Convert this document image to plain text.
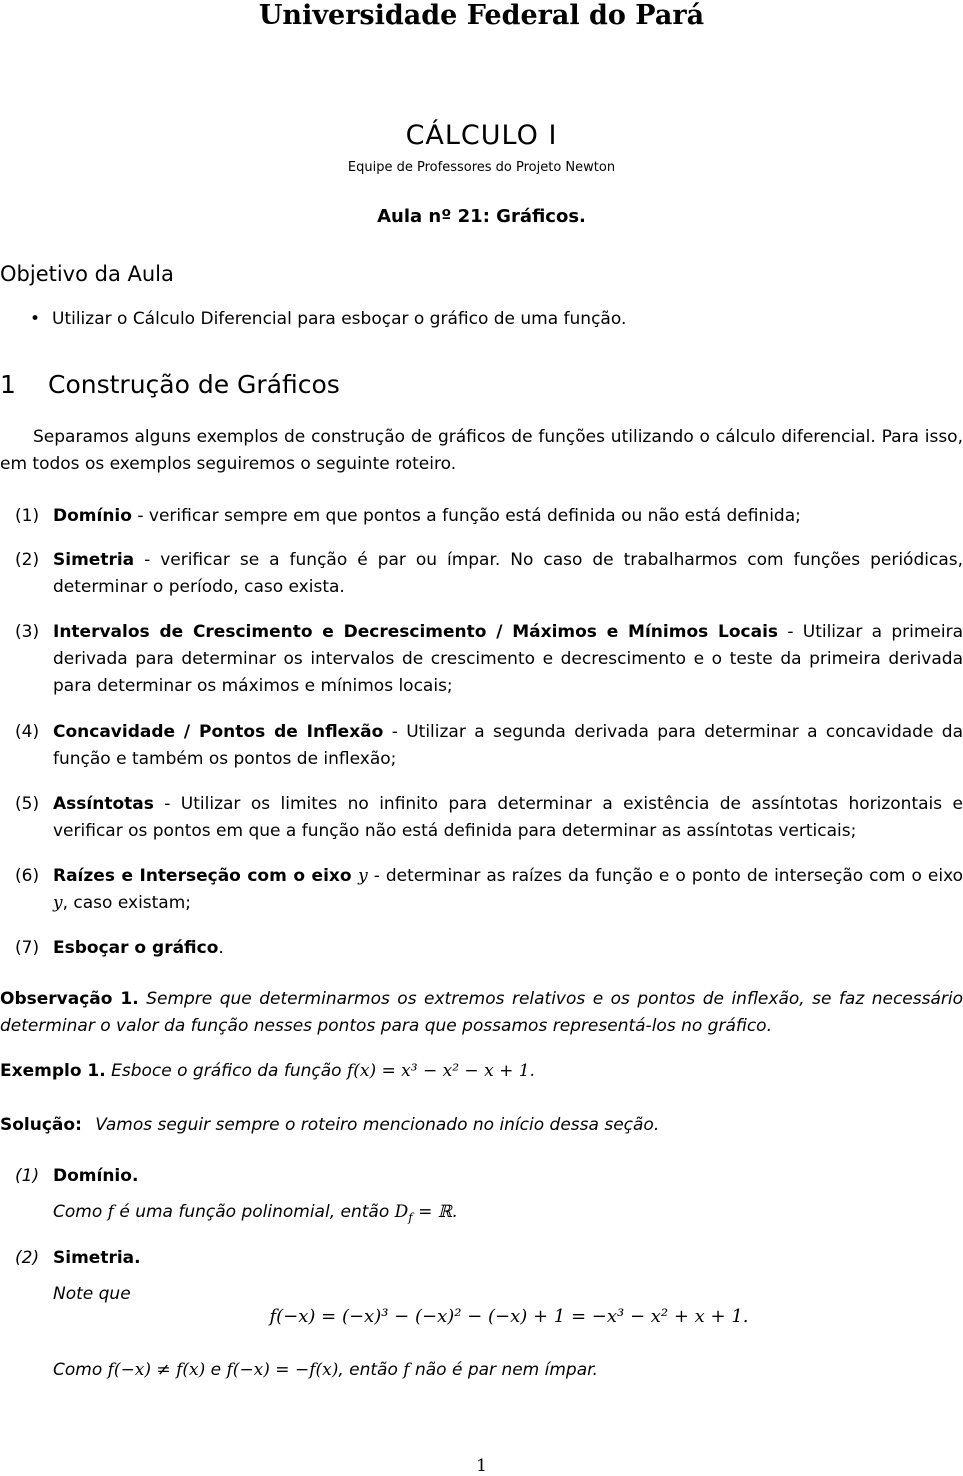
Universidade Federal do Pará
CÁLCULO I
Equipe de Professores do Projeto Newton
Aula nº 21: Gráficos.
Objetivo da Aula
• Utilizar o Cálculo Diferencial para esboçar o gráfico de uma função.
1 Construção de Gráficos
Separamos alguns exemplos de construção de gráficos de funções utilizando o cálculo diferencial. Para isso, em todos os exemplos seguiremos o seguinte roteiro.
(1) Domínio - verificar sempre em que pontos a função está definida ou não está definida;
(2) Simetria - verificar se a função é par ou ímpar. No caso de trabalharmos com funções periódicas, determinar o período, caso exista.
(3) Intervalos de Crescimento e Decrescimento / Máximos e Mínimos Locais - Utilizar a primeira derivada para determinar os intervalos de crescimento e decrescimento e o teste da primeira derivada para determinar os máximos e mínimos locais;
(4) Concavidade / Pontos de Inflexão - Utilizar a segunda derivada para determinar a concavidade da função e também os pontos de inflexão;
(5) Assíntotas - Utilizar os limites no infinito para determinar a existência de assíntotas horizontais e verificar os pontos em que a função não está definida para determinar as assíntotas verticais;
(6) Raízes e Interseção com o eixo y - determinar as raízes da função e o ponto de interseção com o eixo y, caso existam;
(7) Esboçar o gráfico.
Observação 1. Sempre que determinarmos os extremos relativos e os pontos de inflexão, se faz necessário determinar o valor da função nesses pontos para que possamos representá-los no gráfico.
Exemplo 1. Esboce o gráfico da função f(x) = x³ − x² − x + 1.
Solução: Vamos seguir sempre o roteiro mencionado no início dessa seção.
(1) Domínio.
Como f é uma função polinomial, então $D_f$ = ℝ.
(2) Simetria.
Note que
f(−x) = (−x)³ − (−x)² − (−x) + 1 = −x³ − x² + x + 1.
Como f(−x) ≠ f(x) e f(−x) = −f(x), então f não é par nem ímpar.
1
